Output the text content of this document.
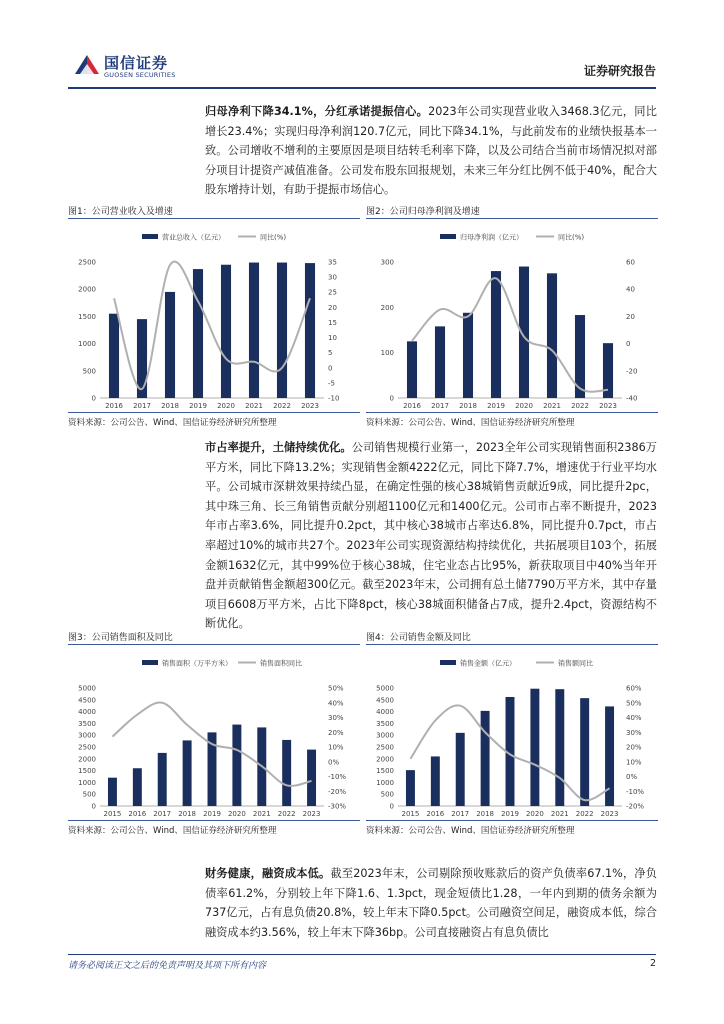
国信证券
GUOSEN SECURITIES	证券研究报告

归母净利下降34.1%，分红承诺提振信心。2023年公司实现营业收入3468.3亿元，同比增长23.4%；实现归母净利润120.7亿元，同比下降34.1%，与此前发布的业绩快报基本一致。公司增收不增利的主要原因是项目结转毛利率下降，以及公司结合当前市场情况拟对部分项目计提资产减值准备。公司发布股东回报规划，未来三年分红比例不低于40%，配合大股东增持计划，有助于提振市场信心。

图1：公司营业收入及增速
营业总收入（亿元）	同比(%)
0
500
1000
1500
2000
2500
-10
-5
0
5
10
15
20
25
30
35
2016 2017 2018 2019 2020 2021 2022 2023
资料来源：公司公告、Wind、国信证券经济研究所整理
图2：公司归母净利润及增速
归母净利润（亿元）	同比(%)
0
100
200
300
-40
-20
0
20
40
60
2016 2017 2018 2019 2020 2021 2022 2023
资料来源：公司公告、Wind、国信证券经济研究所整理

市占率提升，土储持续优化。公司销售规模行业第一，2023全年公司实现销售面积2386万平方米，同比下降13.2%；实现销售金额4222亿元，同比下降7.7%，增速优于行业平均水平。公司城市深耕效果持续凸显，在确定性强的核心38城销售贡献近9成，同比提升2pc，其中珠三角、长三角销售贡献分别超1100亿元和1400亿元。公司市占率不断提升，2023年市占率3.6%，同比提升0.2pct，其中核心38城市占率达6.8%，同比提升0.7pct，市占率超过10%的城市共27个。2023年公司实现资源结构持续优化，共拓展项目103个，拓展金额1632亿元，其中99%位于核心38城，住宅业态占比95%，新获取项目中40%当年开盘并贡献销售金额超300亿元。截至2023年末，公司拥有总土储7790万平方米，其中存量项目6608万平方米，占比下降8pct，核心38城面积储备占7成，提升2.4pct，资源结构不断优化。

图3：公司销售面积及同比
销售面积（万平方米）	销售面积同比
0
500
1000
1500
2000
2500
3000
3500
4000
4500
5000
-30%
-20%
-10%
0%
10%
20%
30%
40%
50%
2015 2016 2017 2018 2019 2020 2021 2022 2023
资料来源：公司公告、Wind、国信证券经济研究所整理
图4：公司销售金额及同比
销售金额（亿元）	销售额同比
0
500
1000
1500
2000
2500
3000
3500
4000
4500
5000
-20%
-10%
0%
10%
20%
30%
40%
50%
60%
2015 2016 2017 2018 2019 2020 2021 2022 2023
资料来源：公司公告、Wind、国信证券经济研究所整理

财务健康，融资成本低。截至2023年末，公司剔除预收账款后的资产负债率67.1%，净负债率61.2%，分别较上年下降1.6、1.3pct，现金短债比1.28，一年内到期的债务余额为737亿元，占有息负债20.8%，较上年末下降0.5pct。公司融资空间足，融资成本低，综合融资成本约3.56%，较上年末下降36bp。公司直接融资占有息负债比

请务必阅读正文之后的免责声明及其项下所有内容	2
